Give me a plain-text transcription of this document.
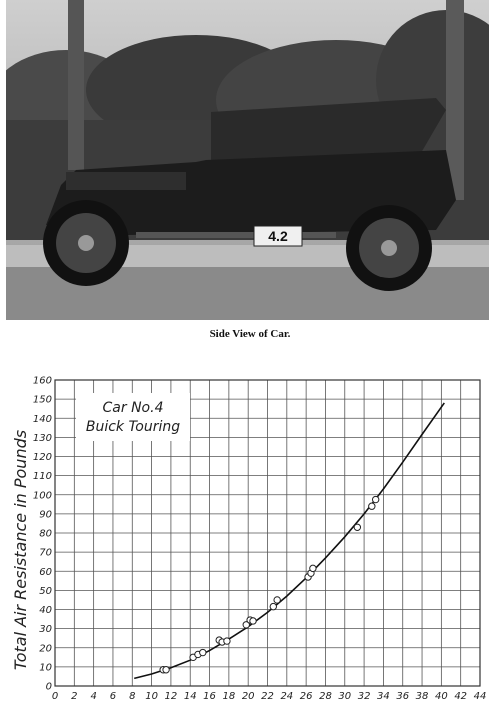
4.2
Side View of Car.
0 2 4 6 8 10 12 14 16 18 20 22 24 26 28 30 32 34 36 38 40 42 44
0
10
20
30
40
50
60
70
80
90
100
110
120
130
140
150
160
Car No.4
Buick Touring
Total Air Resistance in Pounds
